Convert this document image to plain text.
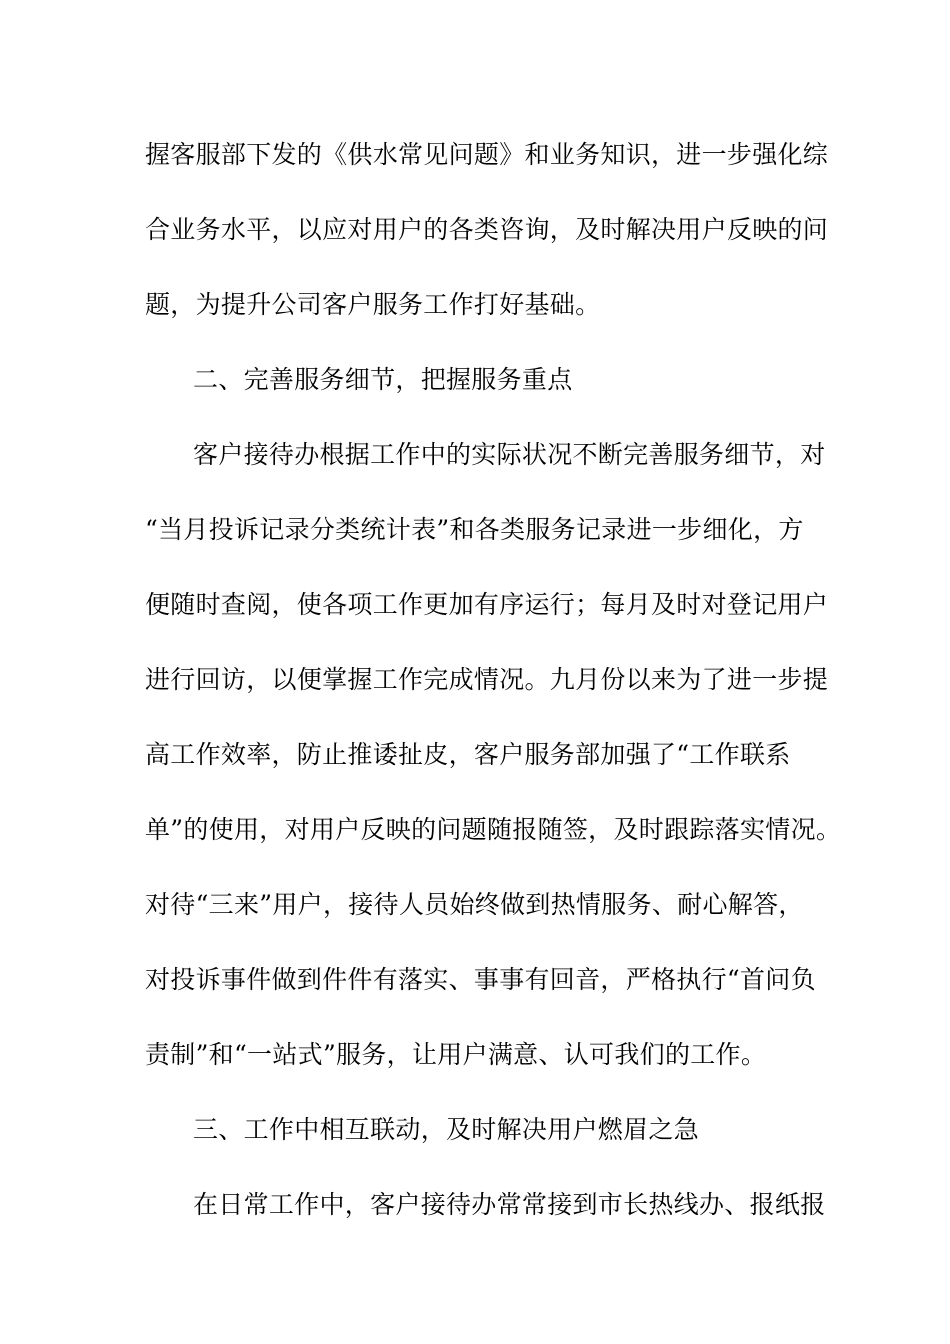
握客服部下发的《供水常见问题》和业务知识，进一步强化综
合业务水平，以应对用户的各类咨询，及时解决用户反映的问
题，为提升公司客户服务工作打好基础。
二、完善服务细节，把握服务重点
客户接待办根据工作中的实际状况不断完善服务细节，对
“当月投诉记录分类统计表”和各类服务记录进一步细化，方
便随时查阅，使各项工作更加有序运行；每月及时对登记用户
进行回访，以便掌握工作完成情况。九月份以来为了进一步提
高工作效率，防止推诿扯皮，客户服务部加强了“工作联系
单”的使用，对用户反映的问题随报随签，及时跟踪落实情况。
对待“三来”用户，接待人员始终做到热情服务、耐心解答，
对投诉事件做到件件有落实、事事有回音，严格执行“首问负
责制”和“一站式”服务，让用户满意、认可我们的工作。
三、工作中相互联动，及时解决用户燃眉之急
在日常工作中，客户接待办常常接到市长热线办、报纸报
